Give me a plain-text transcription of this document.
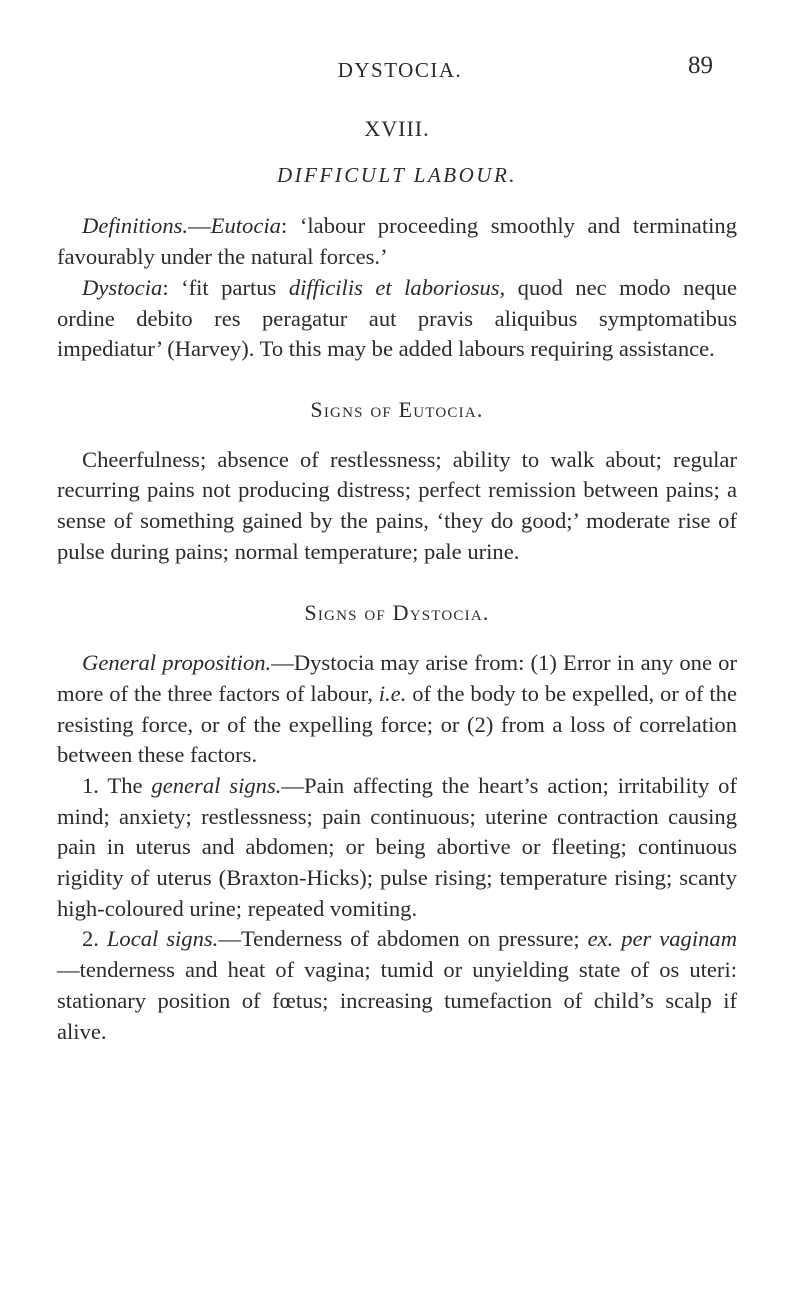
DYSTOCIA.	89
XVIII.
DIFFICULT LABOUR.

Definitions.—Eutocia: ‘labour proceeding smoothly and terminating favourably under the natural forces.’

Dystocia: ‘fit partus difficilis et laboriosus, quod nec modo neque ordine debito res peragatur aut pravis aliquibus symptomatibus impediatur’ (Harvey). To this may be added labours requiring assistance.

Signs of Eutocia.

Cheerfulness; absence of restlessness; ability to walk about; regular recurring pains not producing distress; perfect remission between pains; a sense of something gained by the pains, ‘they do good;’ moderate rise of pulse during pains; normal temperature; pale urine.

Signs of Dystocia.

General proposition.—Dystocia may arise from: (1) Error in any one or more of the three factors of labour, i.e. of the body to be expelled, or of the resisting force, or of the expelling force; or (2) from a loss of correlation between these factors.

1. The general signs.—Pain affecting the heart’s action; irritability of mind; anxiety; restlessness; pain continuous; uterine contraction causing pain in uterus and abdomen; or being abortive or fleeting; continuous rigidity of uterus (Braxton-Hicks); pulse rising; temperature rising; scanty high-coloured urine; repeated vomiting.

2. Local signs.—Tenderness of abdomen on pressure; ex. per vaginam—tenderness and heat of vagina; tumid or unyielding state of os uteri: stationary position of fœtus; increasing tumefaction of child’s scalp if alive.
